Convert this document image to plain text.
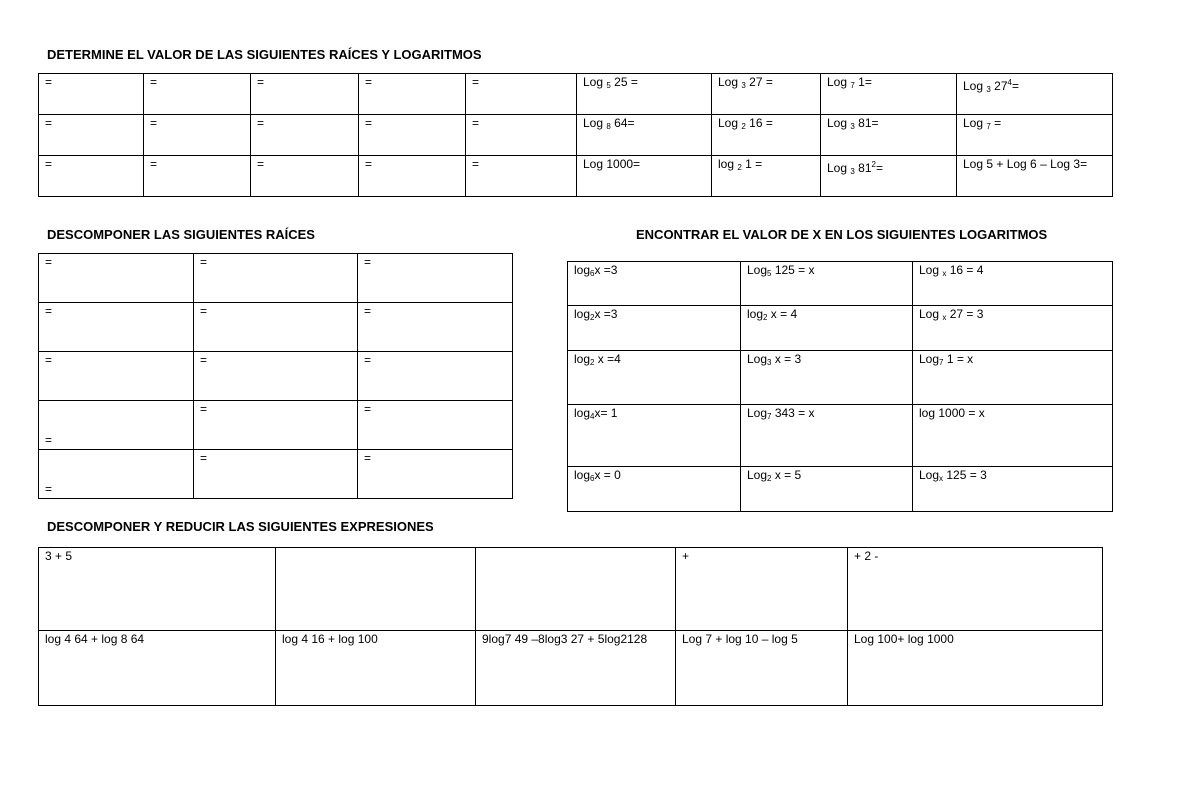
DETERMINE EL VALOR DE LAS SIGUIENTES RAÍCES Y LOGARITMOS
=	=	=	=	=	Log $_5$ 25 =	Log $_3$ 27 =	Log $_7$ 1=	Log $_3$ $27^4=$
=	=	=	=	=	Log $_8$ 64=	Log $_2$ 16 =	Log $_3$ 81=	Log $_7$ =
=	=	=	=	=	Log 1000=	log $_2$ 1 =	Log $_3$ $81^2=$	Log 5 + Log 6 – Log 3=
DESCOMPONER LAS SIGUIENTES RAÍCES
=	=	=
=	=	=
=	=	=

=	=	=

=	=	=
ENCONTRAR EL VALOR DE X EN LOS SIGUIENTES LOGARITMOS
$\log_6x =3$	Log$_5$ 125 = x	Log $_x$ 16 = 4
$\log_2x =3$	$\log_2 x = 4$	Log $_x$ 27 = 3
$\log_2 x =4$	Log$_3$ x = 3	Log$_7$ 1 = x
$\log_4x= 1$	Log$_7$ 343 = x	log 1000 = x
$\log_6x = 0$	Log$_2$ x = 5	Log$_x$ 125 = 3
DESCOMPONER Y REDUCIR LAS SIGUIENTES EXPRESIONES
3 + 5			+	+ 2 -
log 4 64 + log 8 64	log 4 16 + log 100	9log7 49 –8log3 27 + 5log2128	Log 7 + log 10 – log 5	Log 100+ log 1000
